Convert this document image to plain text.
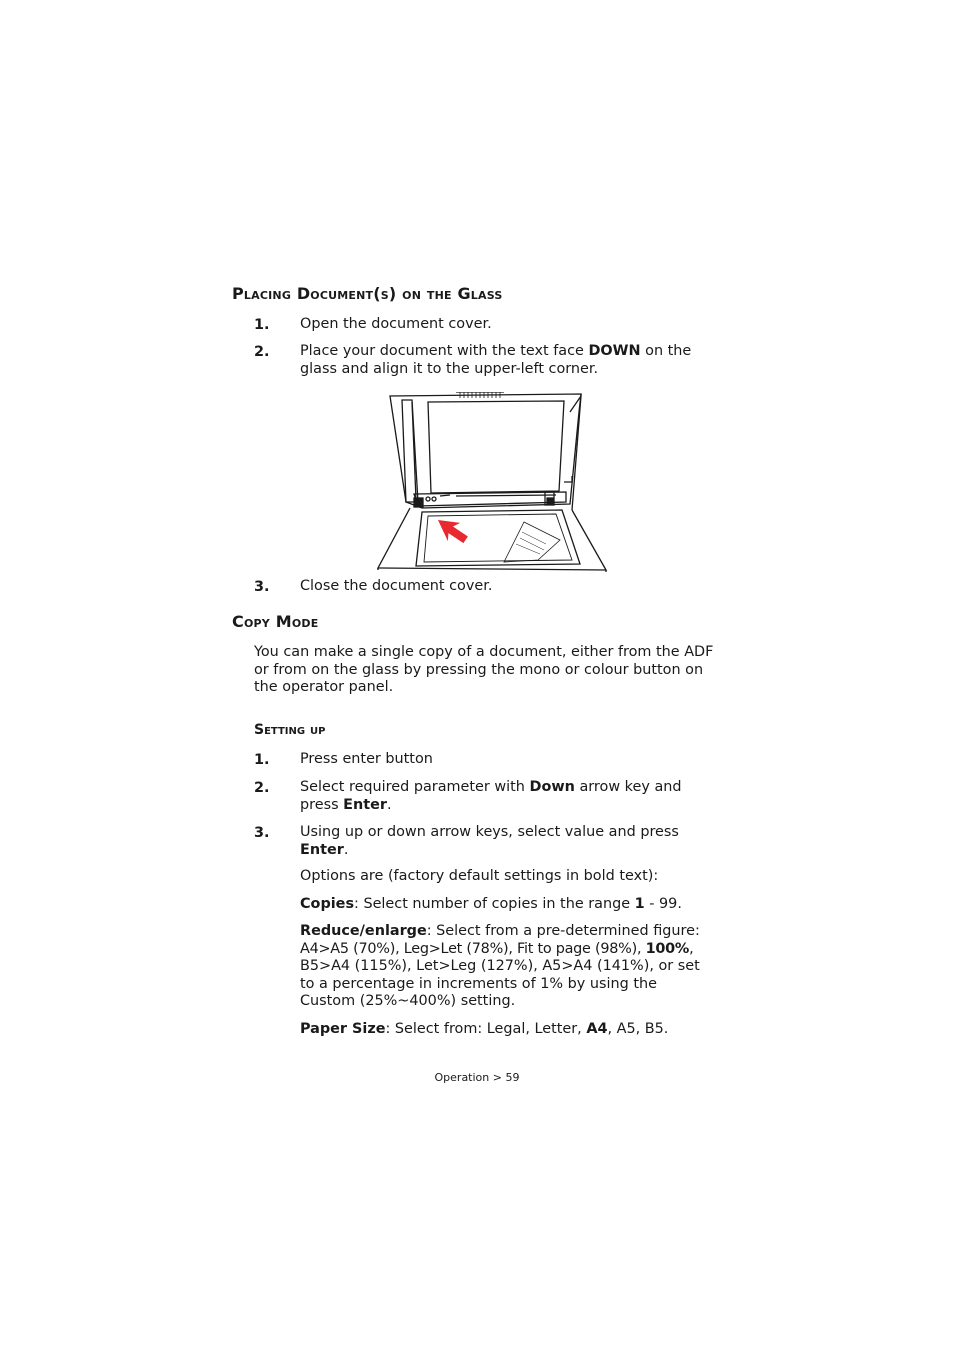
Placing Document(s) on the Glass
1. Open the document cover.
2. Place your document with the text face DOWN on the
glass and align it to the upper-left corner.
3. Close the document cover.
Copy Mode
You can make a single copy of a document, either from the ADF
or from on the glass by pressing the mono or colour button on
the operator panel.
Setting up
1. Press enter button
2. Select required parameter with Down arrow key and
press Enter.
3. Using up or down arrow keys, select value and press
Enter.
Options are (factory default settings in bold text):
Copies: Select number of copies in the range 1 - 99.
Reduce/enlarge: Select from a pre-determined figure:
A4>A5 (70%), Leg>Let (78%), Fit to page (98%), 100%,
B5>A4 (115%), Let>Leg (127%), A5>A4 (141%), or set
to a percentage in increments of 1% by using the
Custom (25%~400%) setting.
Paper Size: Select from: Legal, Letter, A4, A5, B5.
Operation > 59
